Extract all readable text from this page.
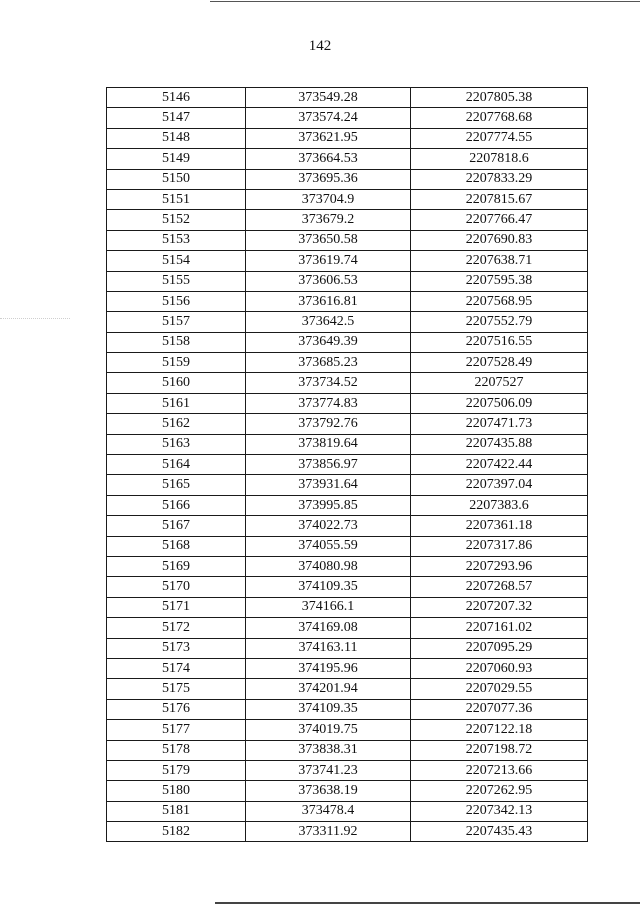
142
5146	373549.28	2207805.38
5147	373574.24	2207768.68
5148	373621.95	2207774.55
5149	373664.53	2207818.6
5150	373695.36	2207833.29
5151	373704.9	2207815.67
5152	373679.2	2207766.47
5153	373650.58	2207690.83
5154	373619.74	2207638.71
5155	373606.53	2207595.38
5156	373616.81	2207568.95
5157	373642.5	2207552.79
5158	373649.39	2207516.55
5159	373685.23	2207528.49
5160	373734.52	2207527
5161	373774.83	2207506.09
5162	373792.76	2207471.73
5163	373819.64	2207435.88
5164	373856.97	2207422.44
5165	373931.64	2207397.04
5166	373995.85	2207383.6
5167	374022.73	2207361.18
5168	374055.59	2207317.86
5169	374080.98	2207293.96
5170	374109.35	2207268.57
5171	374166.1	2207207.32
5172	374169.08	2207161.02
5173	374163.11	2207095.29
5174	374195.96	2207060.93
5175	374201.94	2207029.55
5176	374109.35	2207077.36
5177	374019.75	2207122.18
5178	373838.31	2207198.72
5179	373741.23	2207213.66
5180	373638.19	2207262.95
5181	373478.4	2207342.13
5182	373311.92	2207435.43
